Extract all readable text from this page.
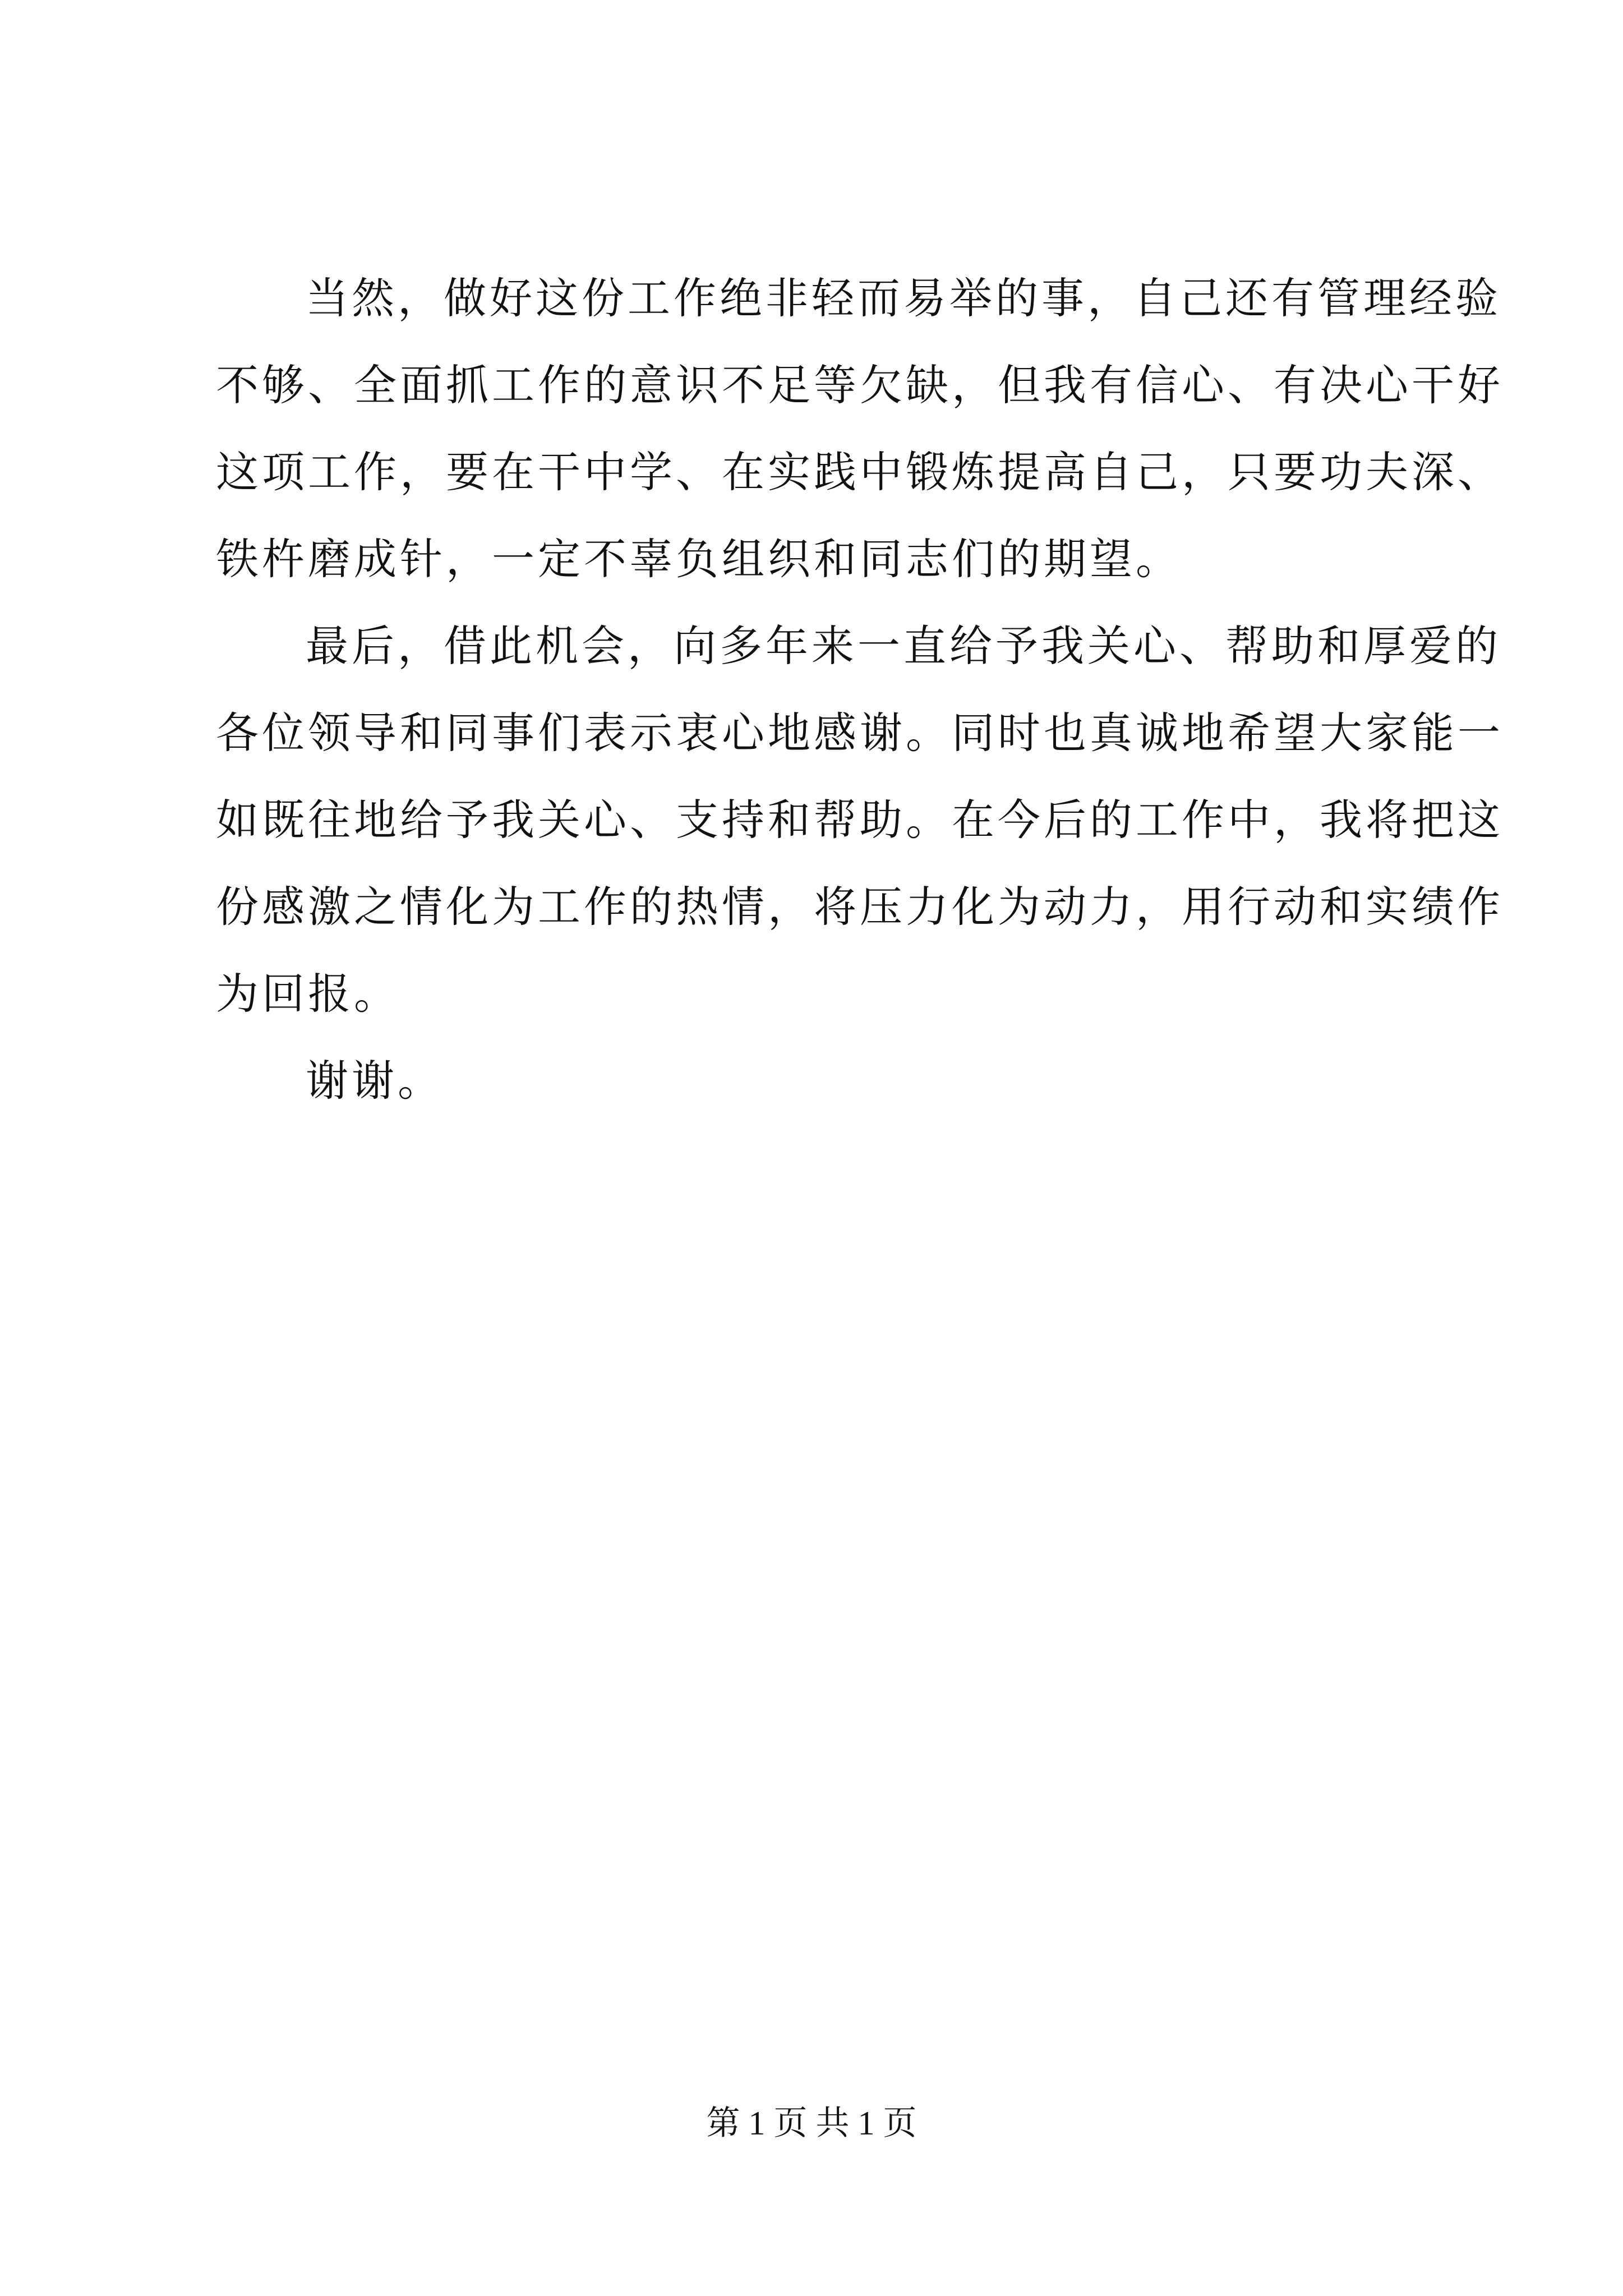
当然，做好这份工作绝非轻而易举的事，自己还有管理经验
不够、全面抓工作的意识不足等欠缺，但我有信心、有决心干好
这项工作，要在干中学、在实践中锻炼提高自己，只要功夫深、
铁杵磨成针，一定不辜负组织和同志们的期望。
最后，借此机会，向多年来一直给予我关心、帮助和厚爱的
各位领导和同事们表示衷心地感谢。同时也真诚地希望大家能一
如既往地给予我关心、支持和帮助。在今后的工作中，我将把这
份感激之情化为工作的热情，将压力化为动力，用行动和实绩作
为回报。
谢谢。
第 1 页 共 1 页
